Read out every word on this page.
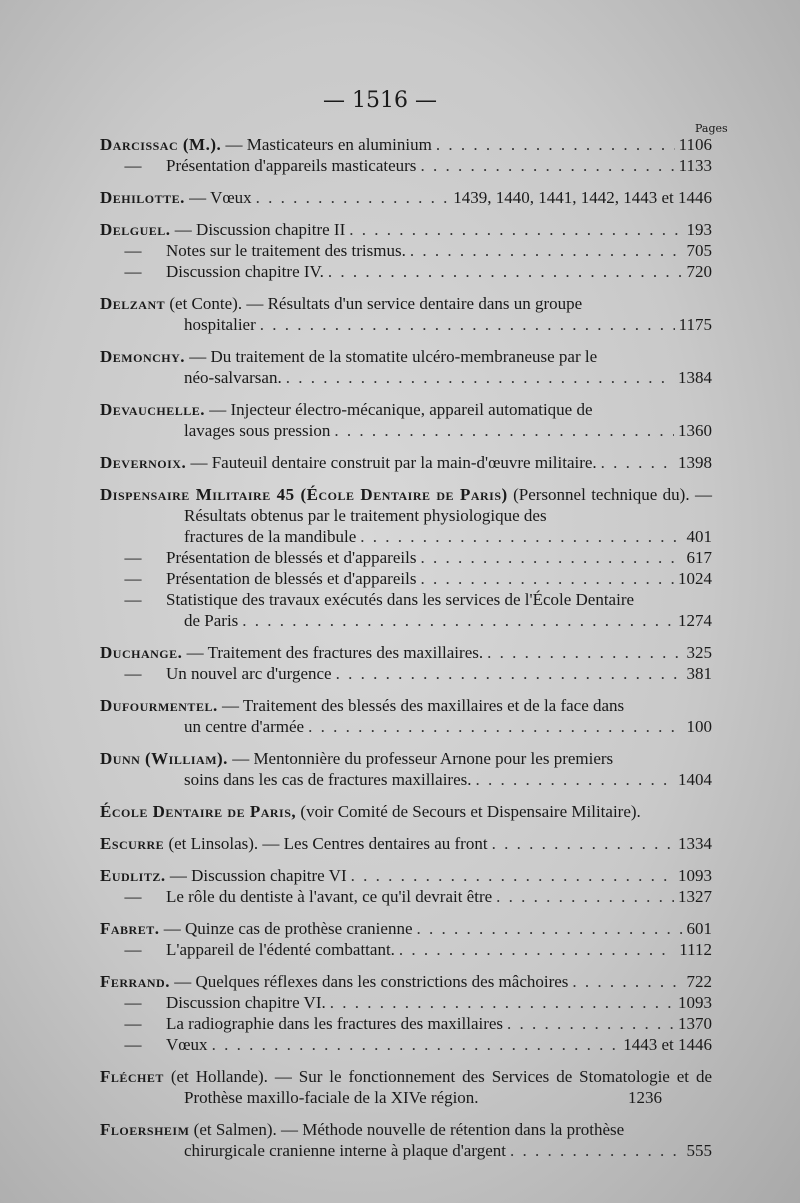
— 1516 —
Pages
Darcissac (M.). — Masticateurs en aluminium . . .	1106
—	Présentation d'appareils masticateurs . . .	1133
Dehilotte. — Vœux . . .	1439, 1440, 1441, 1442, 1443 et 1446
Delguel. — Discussion chapitre II . . .	193
—	Notes sur le traitement des trismus. . . .	705
—	Discussion chapitre IV. . . .	720
Delzant (et Conte). — Résultats d'un service dentaire dans un groupe
hospitalier . . .	1175
Demonchy. — Du traitement de la stomatite ulcéro-membraneuse par le
néo-salvarsan. . . .	1384
Devauchelle. — Injecteur électro-mécanique, appareil automatique de
lavages sous pression . . .	1360
Devernoix. — Fauteuil dentaire construit par la main-d'œuvre militaire. . . .	1398
Dispensaire Militaire 45 (École Dentaire de Paris) (Personnel technique du). — Résultats obtenus par le traitement physiologique des
fractures de la mandibule . . .	401
—	Présentation de blessés et d'appareils . . .	617
—	Présentation de blessés et d'appareils . . .	1024
—	Statistique des travaux exécutés dans les services de l'École Dentaire
de Paris . . .	1274
Duchange. — Traitement des fractures des maxillaires. . . .	325
—	Un nouvel arc d'urgence . . .	381
Dufourmentel. — Traitement des blessés des maxillaires et de la face dans
un centre d'armée . . .	100
Dunn (William). — Mentonnière du professeur Arnone pour les premiers
soins dans les cas de fractures maxillaires. . . .	1404
École Dentaire de Paris, (voir Comité de Secours et Dispensaire Militaire).
Escurre (et Linsolas). — Les Centres dentaires au front . . .	1334
Eudlitz. — Discussion chapitre VI . . .	1093
—	Le rôle du dentiste à l'avant, ce qu'il devrait être . . .	1327
Fabret. — Quinze cas de prothèse cranienne . . .	601
—	L'appareil de l'édenté combattant. . . .	1112
Ferrand. — Quelques réflexes dans les constrictions des mâchoires . . .	722
—	Discussion chapitre VI. . . .	1093
—	La radiographie dans les fractures des maxillaires . . .	1370
—	Vœux . . .	1443 et 1446
Fléchet (et Hollande). — Sur le fonctionnement des Services de Stomatologie et de Prothèse maxillo-faciale de la XIVe région.	1236
Floersheim (et Salmen). — Méthode nouvelle de rétention dans la prothèse
chirurgicale cranienne interne à plaque d'argent . . .	555
